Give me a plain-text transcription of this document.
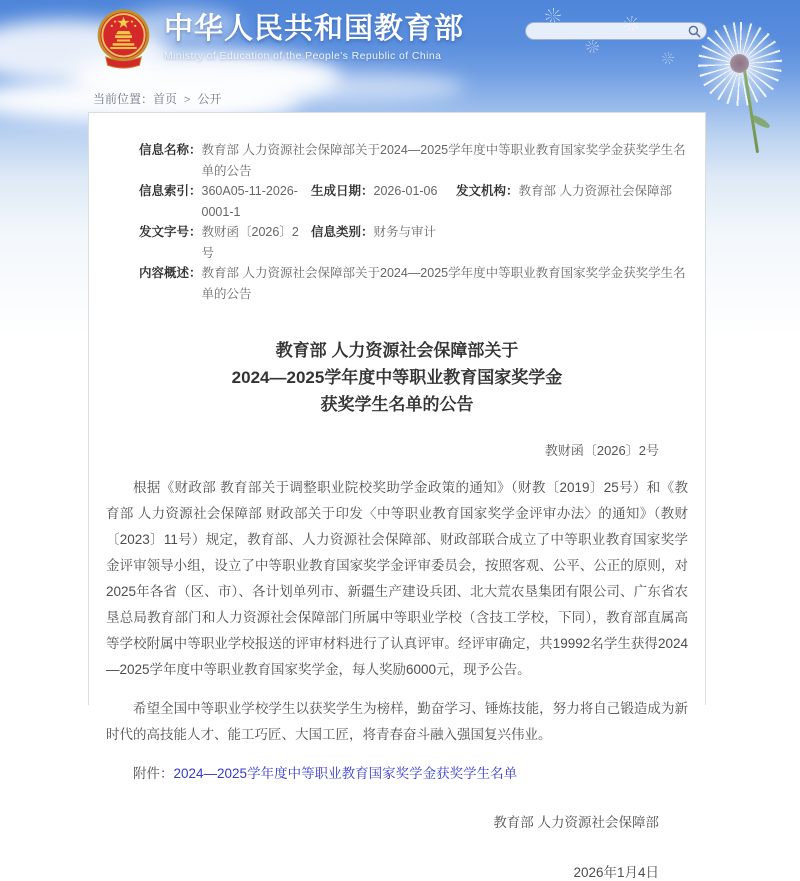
中华人民共和国教育部
Ministry of Education of the People's Republic of China
当前位置：首页 > 公开
信息名称： 教育部 人力资源社会保障部关于2024—2025学年度中等职业教育国家奖学金获奖学生名单的公告
信息索引： 360A05-11-2026-0001-1
生成日期： 2026-01-06 发文机构： 教育部 人力资源社会保障部
发文字号： 教财函〔2026〕2号
信息类别： 财务与审计
内容概述： 教育部 人力资源社会保障部关于2024—2025学年度中等职业教育国家奖学金获奖学生名单的公告
教育部 人力资源社会保障部关于
2024—2025学年度中等职业教育国家奖学金
获奖学生名单的公告
教财函〔2026〕2号

根据《财政部 教育部关于调整职业院校奖助学金政策的通知》（财教〔2019〕25号）和《教育部 人力资源社会保障部 财政部关于印发〈中等职业教育国家奖学金评审办法〉的通知》（教财〔2023〕11号）规定，教育部、人力资源社会保障部、财政部联合成立了中等职业教育国家奖学金评审领导小组，设立了中等职业教育国家奖学金评审委员会，按照客观、公平、公正的原则，对2025年各省（区、市）、各计划单列市、新疆生产建设兵团、北大荒农垦集团有限公司、广东省农垦总局教育部门和人力资源社会保障部门所属中等职业学校（含技工学校，下同），教育部直属高等学校附属中等职业学校报送的评审材料进行了认真评审。经评审确定，共19992名学生获得2024—2025学年度中等职业教育国家奖学金，每人奖励6000元，现予公告。

希望全国中等职业学校学生以获奖学生为榜样，勤奋学习、锤炼技能，努力将自己锻造成为新时代的高技能人才、能工巧匠、大国工匠，将青春奋斗融入强国复兴伟业。

附件：2024—2025学年度中等职业教育国家奖学金获奖学生名单
教育部 人力资源社会保障部
2026年1月4日
